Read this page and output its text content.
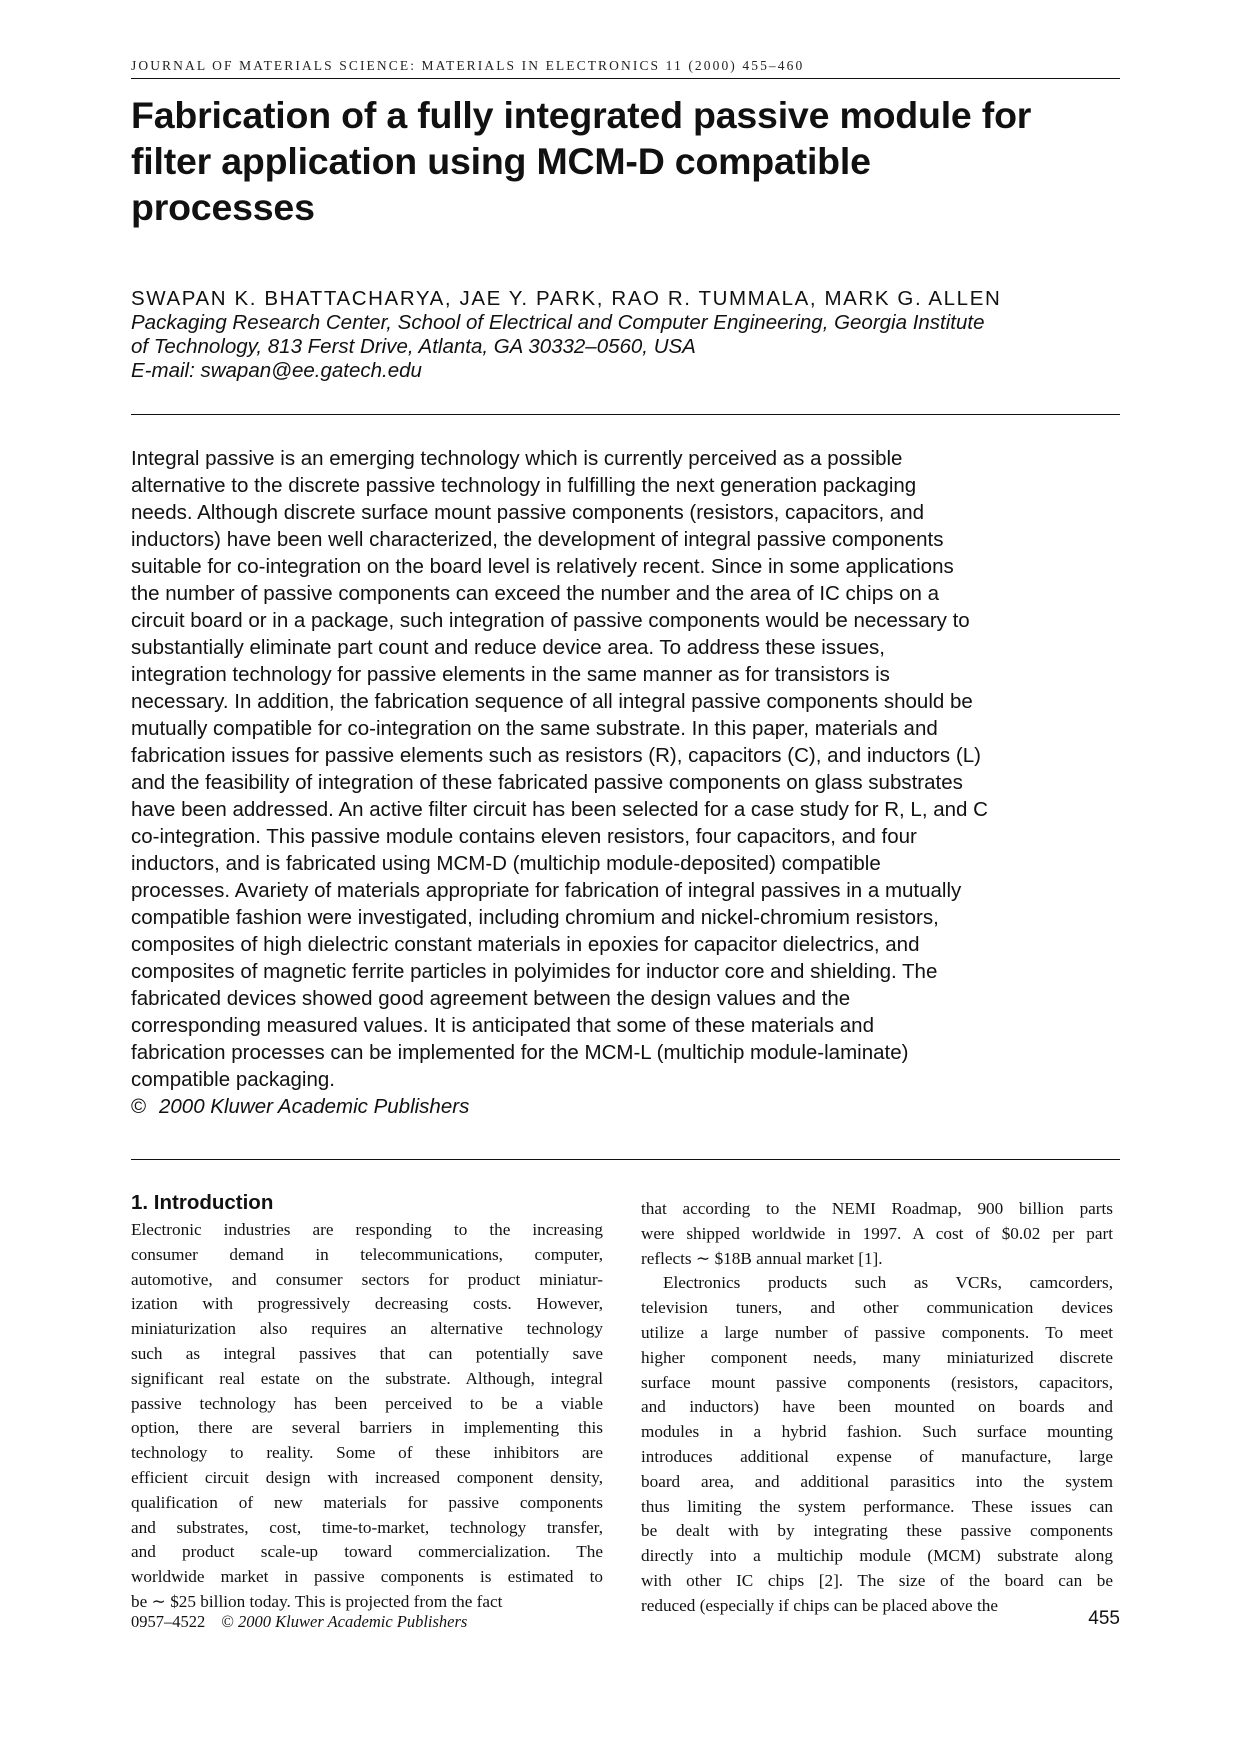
JOURNAL OF MATERIALS SCIENCE: MATERIALS IN ELECTRONICS 11 (2000) 455–460
Fabrication of a fully integrated passive module for
filter application using MCM-D compatible
processes
SWAPAN K. BHATTACHARYA, JAE Y. PARK, RAO R. TUMMALA, MARK G. ALLEN
Packaging Research Center, School of Electrical and Computer Engineering, Georgia Institute
of Technology, 813 Ferst Drive, Atlanta, GA 30332–0560, USA
E-mail: swapan@ee.gatech.edu
Integral passive is an emerging technology which is currently perceived as a possible
alternative to the discrete passive technology in fulfilling the next generation packaging
needs. Although discrete surface mount passive components (resistors, capacitors, and
inductors) have been well characterized, the development of integral passive components
suitable for co-integration on the board level is relatively recent. Since in some applications
the number of passive components can exceed the number and the area of IC chips on a
circuit board or in a package, such integration of passive components would be necessary to
substantially eliminate part count and reduce device area. To address these issues,
integration technology for passive elements in the same manner as for transistors is
necessary. In addition, the fabrication sequence of all integral passive components should be
mutually compatible for co-integration on the same substrate. In this paper, materials and
fabrication issues for passive elements such as resistors (R), capacitors (C), and inductors (L)
and the feasibility of integration of these fabricated passive components on glass substrates
have been addressed. An active filter circuit has been selected for a case study for R, L, and C
co-integration. This passive module contains eleven resistors, four capacitors, and four
inductors, and is fabricated using MCM-D (multichip module-deposited) compatible
processes. Avariety of materials appropriate for fabrication of integral passives in a mutually
compatible fashion were investigated, including chromium and nickel-chromium resistors,
composites of high dielectric constant materials in epoxies for capacitor dielectrics, and
composites of magnetic ferrite particles in polyimides for inductor core and shielding. The
fabricated devices showed good agreement between the design values and the
corresponding measured values. It is anticipated that some of these materials and
fabrication processes can be implemented for the MCM-L (multichip module-laminate)
compatible packaging.
© 2000 Kluwer Academic Publishers
1. Introduction
Electronic industries are responding to the increasing
consumer demand in telecommunications, computer,
automotive, and consumer sectors for product miniatur-
ization with progressively decreasing costs. However,
miniaturization also requires an alternative technology
such as integral passives that can potentially save
significant real estate on the substrate. Although, integral
passive technology has been perceived to be a viable
option, there are several barriers in implementing this
technology to reality. Some of these inhibitors are
efficient circuit design with increased component density,
qualification of new materials for passive components
and substrates, cost, time-to-market, technology transfer,
and product scale-up toward commercialization. The
worldwide market in passive components is estimated to
be ∼ $25 billion today. This is projected from the fact
that according to the NEMI Roadmap, 900 billion parts
were shipped worldwide in 1997. A cost of $0.02 per part
reflects ∼ $18B annual market [1].
Electronics products such as VCRs, camcorders,
television tuners, and other communication devices
utilize a large number of passive components. To meet
higher component needs, many miniaturized discrete
surface mount passive components (resistors, capacitors,
and inductors) have been mounted on boards and
modules in a hybrid fashion. Such surface mounting
introduces additional expense of manufacture, large
board area, and additional parasitics into the system
thus limiting the system performance. These issues can
be dealt with by integrating these passive components
directly into a multichip module (MCM) substrate along
with other IC chips [2]. The size of the board can be
reduced (especially if chips can be placed above the
0957–4522 © 2000 Kluwer Academic Publishers	455
